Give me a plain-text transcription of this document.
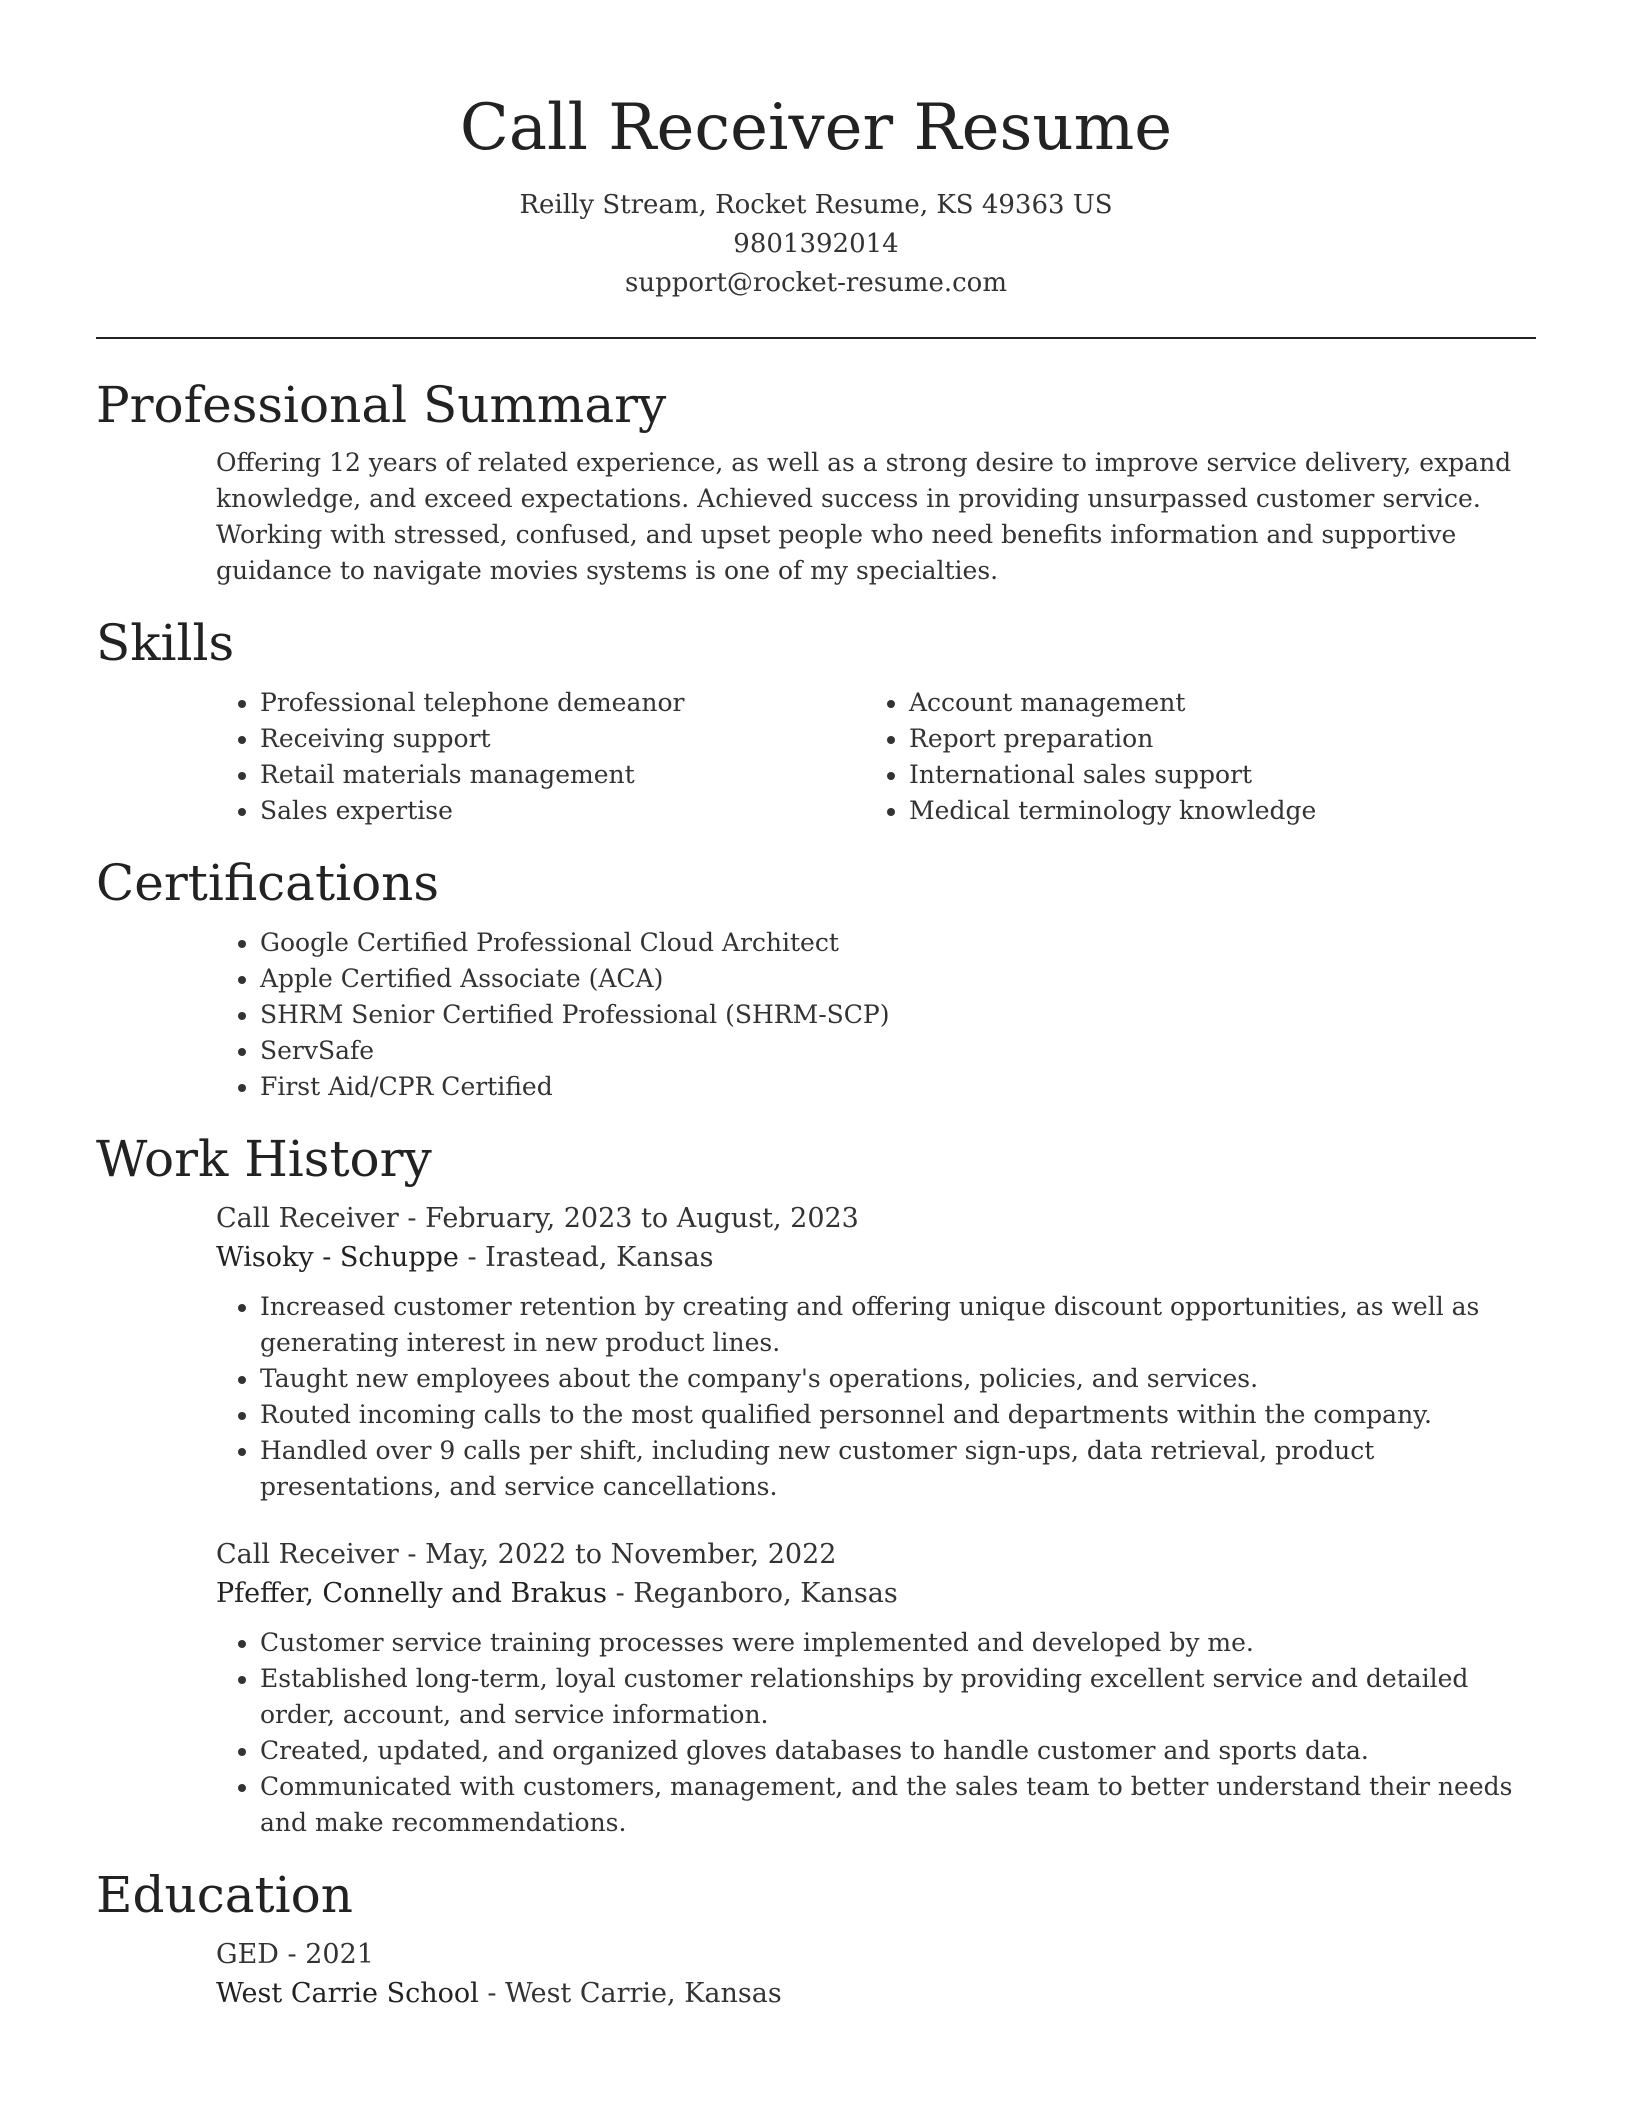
Call Receiver Resume
Reilly Stream, Rocket Resume, KS 49363 US
9801392014
support@rocket-resume.com
Professional Summary
Offering 12 years of related experience, as well as a strong desire to improve service delivery, expand knowledge, and exceed expectations. Achieved success in providing unsurpassed customer service. Working with stressed, confused, and upset people who need benefits information and supportive guidance to navigate movies systems is one of my specialties.
Skills
• Professional telephone demeanor
• Receiving support
• Retail materials management
• Sales expertise
• Account management
• Report preparation
• International sales support
• Medical terminology knowledge
Certifications
• Google Certified Professional Cloud Architect
• Apple Certified Associate (ACA)
• SHRM Senior Certified Professional (SHRM-SCP)
• ServSafe
• First Aid/CPR Certified
Work History
Call Receiver - February, 2023 to August, 2023
Wisoky - Schuppe - Irastead, Kansas
• Increased customer retention by creating and offering unique discount opportunities, as well as generating interest in new product lines.
• Taught new employees about the company's operations, policies, and services.
• Routed incoming calls to the most qualified personnel and departments within the company.
• Handled over 9 calls per shift, including new customer sign-ups, data retrieval, product presentations, and service cancellations.
Call Receiver - May, 2022 to November, 2022
Pfeffer, Connelly and Brakus - Reganboro, Kansas
• Customer service training processes were implemented and developed by me.
• Established long-term, loyal customer relationships by providing excellent service and detailed order, account, and service information.
• Created, updated, and organized gloves databases to handle customer and sports data.
• Communicated with customers, management, and the sales team to better understand their needs and make recommendations.
Education
GED - 2021
West Carrie School - West Carrie, Kansas
